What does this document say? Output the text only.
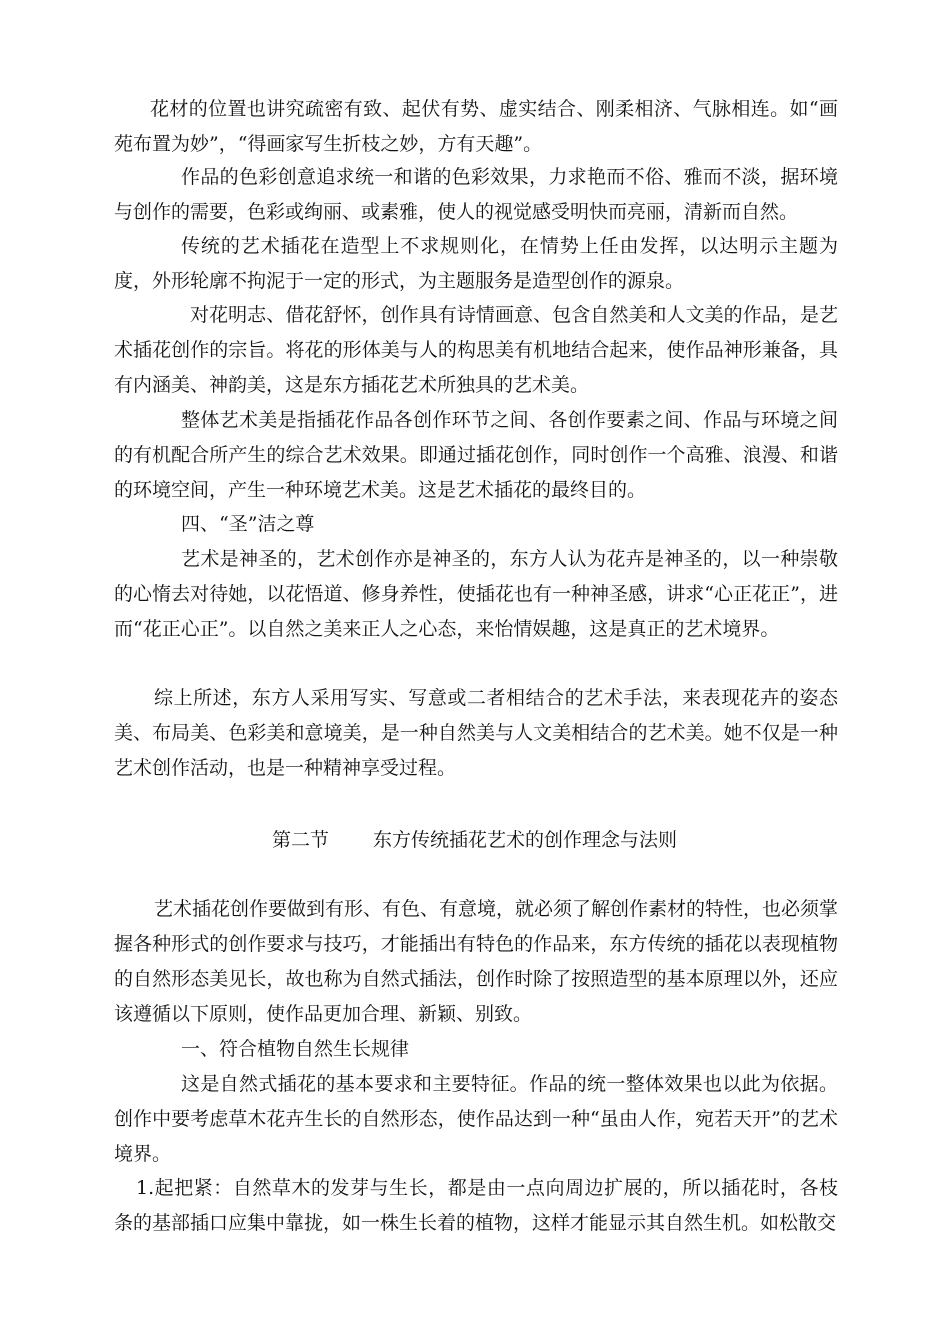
花材的位置也讲究疏密有致、起伏有势、虚实结合、刚柔相济、气脉相连。如“画苑布置为妙”，“得画家写生折枝之妙，方有天趣”。

作品的色彩创意追求统一和谐的色彩效果，力求艳而不俗、雅而不淡，据环境与创作的需要，色彩或绚丽、或素雅，使人的视觉感受明快而亮丽，清新而自然。

传统的艺术插花在造型上不求规则化，在情势上任由发挥，以达明示主题为度，外形轮廓不拘泥于一定的形式，为主题服务是造型创作的源泉。

对花明志、借花舒怀，创作具有诗情画意、包含自然美和人文美的作品，是艺术插花创作的宗旨。将花的形体美与人的构思美有机地结合起来，使作品神形兼备，具有内涵美、神韵美，这是东方插花艺术所独具的艺术美。

整体艺术美是指插花作品各创作环节之间、各创作要素之间、作品与环境之间的有机配合所产生的综合艺术效果。即通过插花创作，同时创作一个高雅、浪漫、和谐的环境空间，产生一种环境艺术美。这是艺术插花的最终目的。

四、“圣”洁之尊

艺术是神圣的，艺术创作亦是神圣的，东方人认为花卉是神圣的，以一种崇敬的心惰去对待她，以花悟道、修身养性，使插花也有一种神圣感，讲求“心正花正”，进而“花正心正”。以自然之美来正人之心态，来怡情娱趣，这是真正的艺术境界。

综上所述，东方人采用写实、写意或二者相结合的艺术手法，来表现花卉的姿态美、布局美、色彩美和意境美，是一种自然美与人文美相结合的艺术美。她不仅是一种艺术创作活动，也是一种精神享受过程。

第二节 东方传统插花艺术的创作理念与法则

艺术插花创作要做到有形、有色、有意境，就必须了解创作素材的特性，也必须掌握各种形式的创作要求与技巧，才能插出有特色的作品来，东方传统的插花以表现植物的自然形态美见长，故也称为自然式插法，创作时除了按照造型的基本原理以外，还应该遵循以下原则，使作品更加合理、新颖、别致。

一、符合植物自然生长规律

这是自然式插花的基本要求和主要特征。作品的统一整体效果也以此为依据。创作中要考虑草木花卉生长的自然形态，使作品达到一种“虽由人作，宛若天开”的艺术境界。

1.起把紧：自然草木的发芽与生长，都是由一点向周边扩展的，所以插花时，各枝条的基部插口应集中靠拢，如一株生长着的植物，这样才能显示其自然生机。如松散交
